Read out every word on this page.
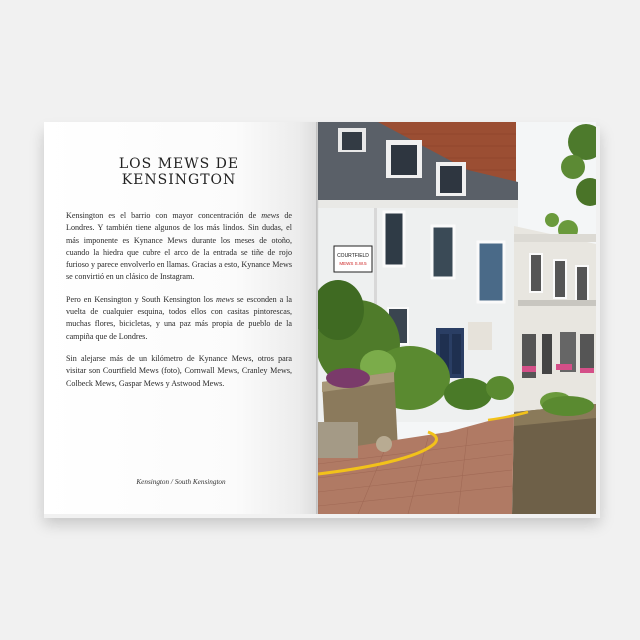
LOS MEWS DE KENSINGTON

Kensington es el barrio con mayor concentración de mews de Londres. Y también tiene algunos de los más lindos. Sin dudas, el más imponente es Kynance Mews durante los meses de otoño, cuando la hiedra que cubre el arco de la entrada se tiñe de rojo furioso y parece envolverlo en llamas. Gracias a esto, Kynance Mews se convirtió en un clásico de Instagram.

Pero en Kensington y South Kensington los mews se esconden a la vuelta de cualquier esquina, todos ellos con casitas pintorescas, muchas flores, bicicletas, y una paz más propia de pueblo de la campiña que de Londres.

Sin alejarse más de un kilómetro de Kynance Mews, otros para visitar son Courtfield Mews (foto), Cornwall Mews, Cranley Mews, Colbeck Mews, Gaspar Mews y Astwood Mews.

Kensington / South Kensington
COURTFIELD
MEWS S.W.5
